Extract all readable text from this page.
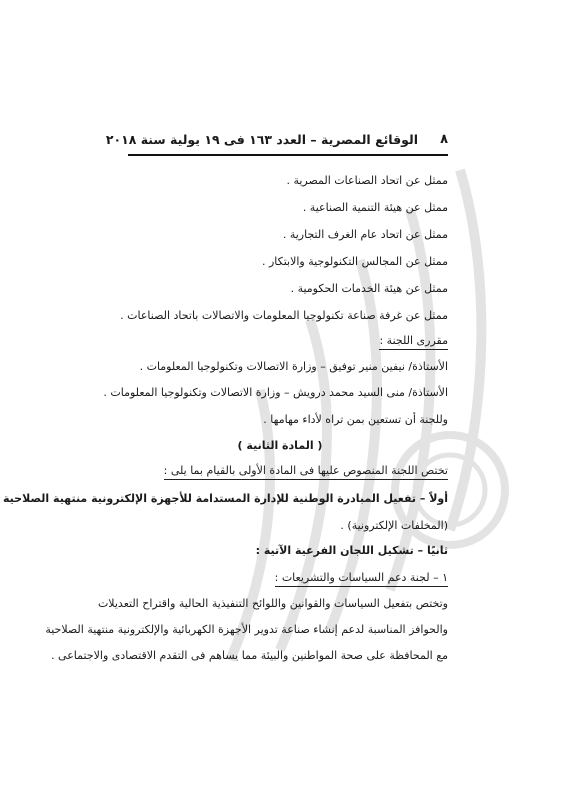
٨
الوقائع المصرية – العدد ١٦٣ فى ١٩ يولية سنة ٢٠١٨
ممثل عن اتحاد الصناعات المصرية .
ممثل عن هيئة التنمية الصناعية .
ممثل عن اتحاد عام الغرف التجارية .
ممثل عن المجالس التكنولوجية والابتكار .
ممثل عن هيئة الخدمات الحكومية .
ممثل عن غرفة صناعة تكنولوجيا المعلومات والاتصالات باتحاد الصناعات .
مقررى اللجنة :
الأستاذة/ نيفين منير توفيق – وزارة الاتصالات وتكنولوجيا المعلومات .
الأستاذة/ منى السيد محمد درويش – وزارة الاتصالات وتكنولوجيا المعلومات .
وللجنة أن تستعين بمن تراه لأداء مهامها .
( المادة الثانية )
تختص اللجنة المنصوص عليها فى المادة الأولى بالقيام بما يلى :
أولاً – تفعيل المبادرة الوطنية للإدارة المستدامة للأجهزة الإلكترونية منتهية الصلاحية
(المخلفات الإلكترونية) .
ثانيًا – تشكيل اللجان الفرعية الآتية :
١ – لجنة دعم السياسات والتشريعات :
وتختص بتفعيل السياسات والقوانين واللوائح التنفيذية الحالية واقتراح التعديلات
والحوافز المناسبة لدعم إنشاء صناعة تدوير الأجهزة الكهربائية والإلكترونية منتهية الصلاحية
مع المحافظة على صحة المواطنين والبيئة مما يساهم فى التقدم الاقتصادى والاجتماعى .
